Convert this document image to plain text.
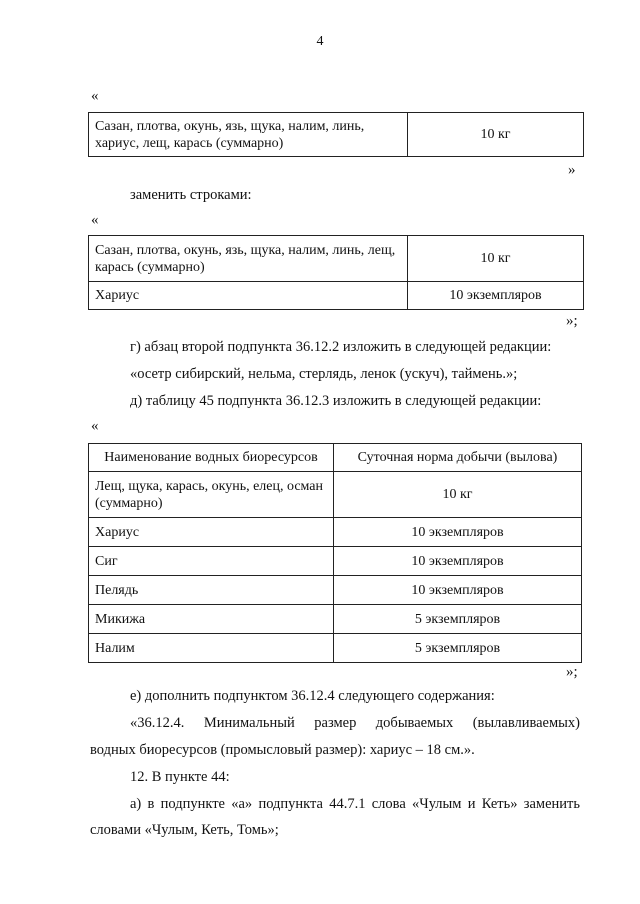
4
«
Сазан, плотва, окунь, язь, щука, налим, линь, хариус, лещ, карась (суммарно)	10 кг
»
заменить строками:
«
Сазан, плотва, окунь, язь, щука, налим, линь, лещ, карась (суммарно)	10 кг
Хариус	10 экземпляров
»;
г) абзац второй подпункта 36.12.2 изложить в следующей редакции:
«осетр сибирский, нельма, стерлядь, ленок (ускуч), таймень.»;
д) таблицу 45 подпункта 36.12.3 изложить в следующей редакции:
«
Наименование водных биоресурсов	Суточная норма добычи (вылова)
Лещ, щука, карась, окунь, елец, осман (суммарно)	10 кг
Хариус	10 экземпляров
Сиг	10 экземпляров
Пелядь	10 экземпляров
Микижа	5 экземпляров
Налим	5 экземпляров
»;
е) дополнить подпунктом 36.12.4 следующего содержания:
«36.12.4. Минимальный размер добываемых (вылавливаемых)
водных биоресурсов (промысловый размер): хариус – 18 см.».
12. В пункте 44:
а) в подпункте «а» подпункта 44.7.1 слова «Чулым и Кеть» заменить
словами «Чулым, Кеть, Томь»;
